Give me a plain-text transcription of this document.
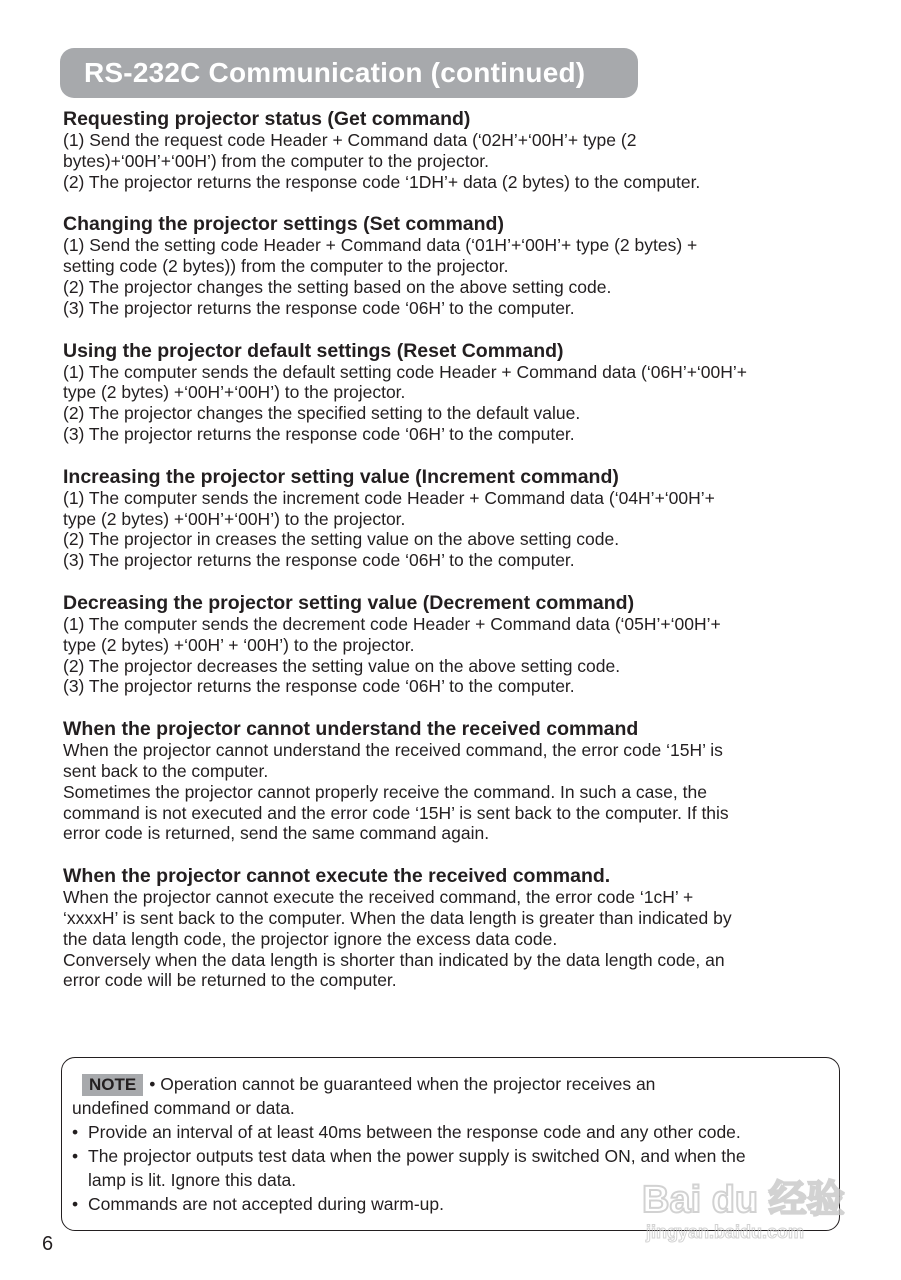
RS-232C Communication (continued)
Requesting projector status (Get command)

(1) Send the request code Header + Command data (‘02H’+‘00H’+ type (2
bytes)+‘00H’+‘00H’) from the computer to the projector.
(2) The projector returns the response code ‘1DH’+ data (2 bytes) to the computer.

Changing the projector settings (Set command)

(1) Send the setting code Header + Command data (‘01H’+‘00H’+ type (2 bytes) +
setting code (2 bytes)) from the computer to the projector.
(2) The projector changes the setting based on the above setting code.
(3) The projector returns the response code ‘06H’ to the computer.

Using the projector default settings (Reset Command)

(1) The computer sends the default setting code Header + Command data (‘06H’+‘00H’+
type (2 bytes) +‘00H’+‘00H’) to the projector.
(2) The projector changes the specified setting to the default value.
(3) The projector returns the response code ‘06H’ to the computer.

Increasing the projector setting value (Increment command)

(1) The computer sends the increment code Header + Command data (‘04H’+‘00H’+
type (2 bytes) +‘00H’+‘00H’) to the projector.
(2) The projector in creases the setting value on the above setting code.
(3) The projector returns the response code ‘06H’ to the computer.

Decreasing the projector setting value (Decrement command)

(1) The computer sends the decrement code Header + Command data (‘05H’+‘00H’+
type (2 bytes) +‘00H’ + ‘00H’) to the projector.
(2) The projector decreases the setting value on the above setting code.
(3) The projector returns the response code ‘06H’ to the computer.

When the projector cannot understand the received command

When the projector cannot understand the received command, the error code ‘15H’ is
sent back to the computer.
Sometimes the projector cannot properly receive the command. In such a case, the
command is not executed and the error code ‘15H’ is sent back to the computer. If this
error code is returned, send the same command again.

When the projector cannot execute the received command.

When the projector cannot execute the received command, the error code ‘1cH’ +
‘xxxxH’ is sent back to the computer. When the data length is greater than indicated by
the data length code, the projector ignore the excess data code.
Conversely when the data length is shorter than indicated by the data length code, an
error code will be returned to the computer.

NOTE • Operation cannot be guaranteed when the projector receives an

undefined command or data.

• Provide an interval of at least 40ms between the response code and any other code.
• The projector outputs test data when the power supply is switched ON, and when the
lamp is lit. Ignore this data.
• Commands are not accepted during warm-up.
6
Bai du 经验
jingyan.baidu.com
